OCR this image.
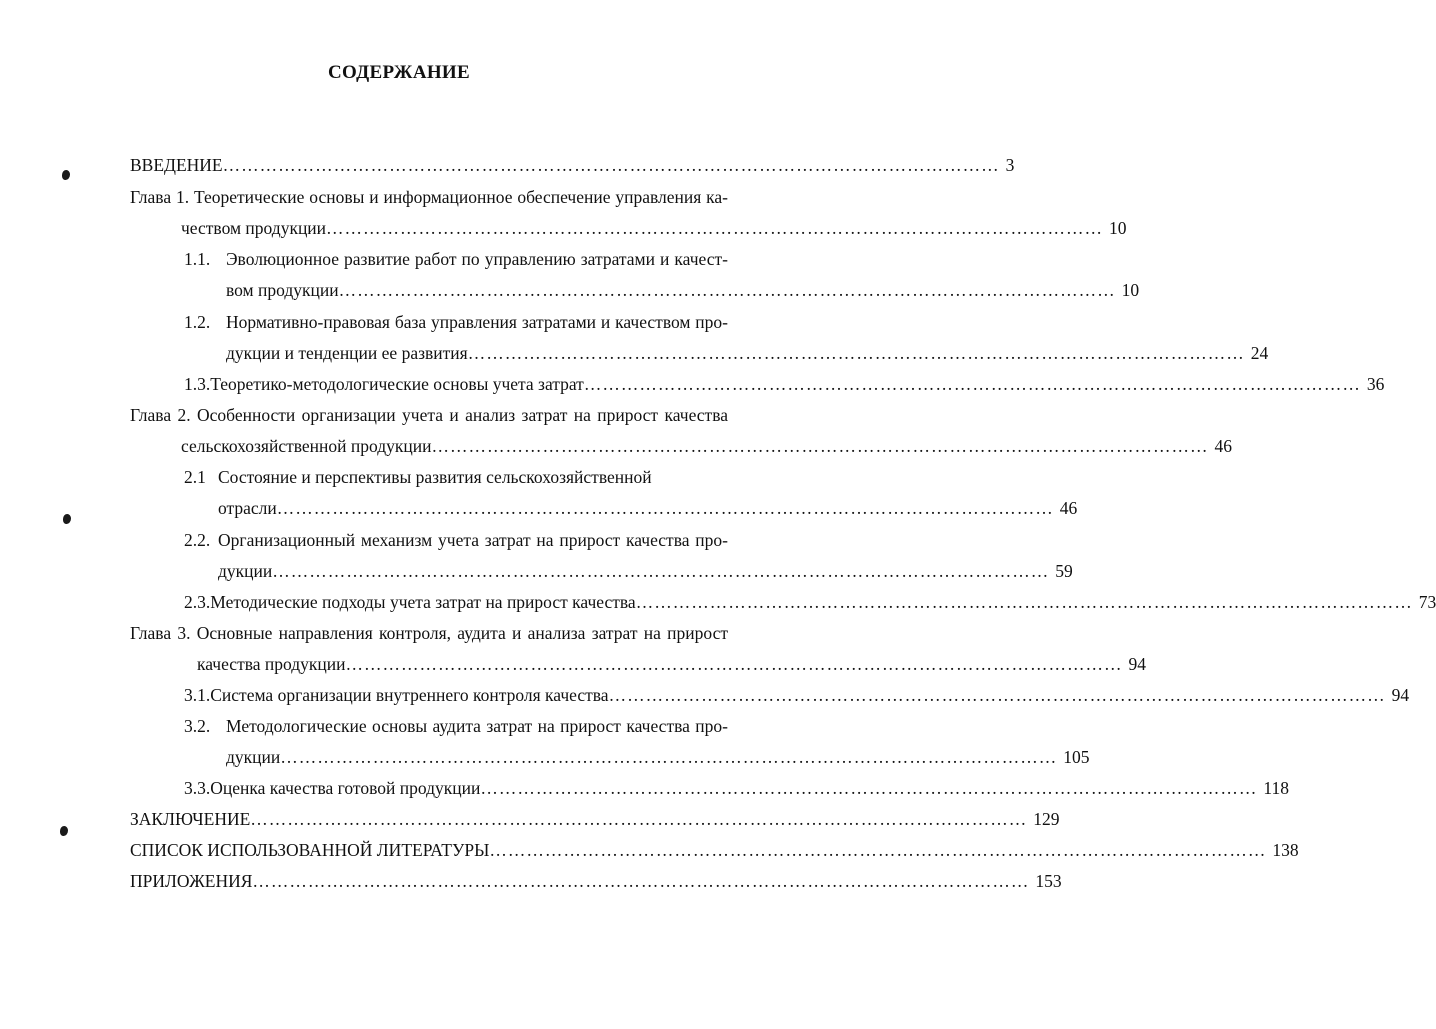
СОДЕРЖАНИЕ
ВВЕДЕНИЕ ……………………………………………………………………………………………………………… 3
Глава 1. Теоретические основы и информационное обеспечение управления ка-
чеством продукции ……………………………………………………………………………………………………………… 10
1.1. Эволюционное развитие работ по управлению затратами и качест-
вом продукции ……………………………………………………………………………………………………………… 10
1.2. Нормативно-правовая база управления затратами и качеством про-
дукции и тенденции ее развития ……………………………………………………………………………………………………………… 24
1.3. Теоретико-методологические основы учета затрат ……………………………………………………………………………………………………………… 36
Глава 2. Особенности организации учета и анализ затрат на прирост качества
сельскохозяйственной продукции ……………………………………………………………………………………………………………… 46
2.1 Состояние и перспективы развития сельскохозяйственной
отрасли ……………………………………………………………………………………………………………… 46
2.2. Организационный механизм учета затрат на прирост качества про-
дукции ……………………………………………………………………………………………………………… 59
2.3. Методические подходы учета затрат на прирост качества ……………………………………………………………………………………………………………… 73
Глава 3. Основные направления контроля, аудита и анализа затрат на прирост
качества продукции ……………………………………………………………………………………………………………… 94
3.1. Система организации внутреннего контроля качества ……………………………………………………………………………………………………………… 94
3.2. Методологические основы аудита затрат на прирост качества про-
дукции ……………………………………………………………………………………………………………… 105
3.3. Оценка качества готовой продукции ……………………………………………………………………………………………………………… 118
ЗАКЛЮЧЕНИЕ ……………………………………………………………………………………………………………… 129
СПИСОК ИСПОЛЬЗОВАННОЙ ЛИТЕРАТУРЫ ……………………………………………………………………………………………………………… 138
ПРИЛОЖЕНИЯ ……………………………………………………………………………………………………………… 153
